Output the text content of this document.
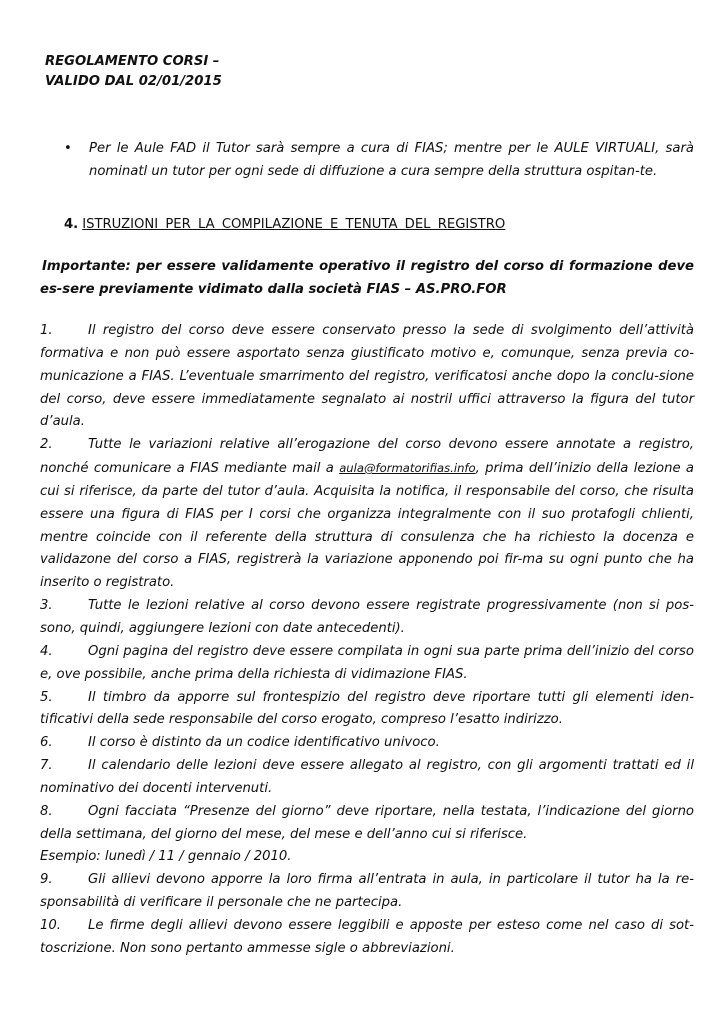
REGOLAMENTO CORSI –
VALIDO DAL 02/01/2015
• Per le Aule FAD il Tutor sarà sempre a cura di FIAS; mentre per le AULE VIRTUALI, sarà nominatl un tutor per ogni sede di diffuzione a cura sempre della struttura ospitan-te.

4. ISTRUZIONI PER LA COMPILAZIONE E TENUTA DEL REGISTRO

Importante: per essere validamente operativo il registro del corso di formazione deve es-sere previamente vidimato dalla società FIAS – AS.PRO.FOR

1.	Il registro del corso deve essere conservato presso la sede di svolgimento dell’attività formativa e non può essere asportato senza giustificato motivo e, comunque, senza previa co-municazione a FIAS. L’eventuale smarrimento del registro, verificatosi anche dopo la conclu-sione del corso, deve essere immediatamente segnalato ai nostril uffici attraverso la figura del tutor d’aula.

2.	Tutte le variazioni relative all’erogazione del corso devono essere annotate a registro, nonché comunicare a FIAS mediante mail a aula@formatorifias.info, prima dell’inizio della lezione a cui si riferisce, da parte del tutor d’aula. Acquisita la notifica, il responsabile del corso, che risulta essere una figura di FIAS per I corsi che organizza integralmente con il suo protafogli chlienti, mentre coincide con il referente della struttura di consulenza che ha richiesto la docenza e validazone del corso a FIAS, registrerà la variazione apponendo poi fir-ma su ogni punto che ha inserito o registrato.

3.	Tutte le lezioni relative al corso devono essere registrate progressivamente (non si pos-sono, quindi, aggiungere lezioni con date antecedenti).

4.	Ogni pagina del registro deve essere compilata in ogni sua parte prima dell’inizio del corso e, ove possibile, anche prima della richiesta di vidimazione FIAS.

5.	Il timbro da apporre sul frontespizio del registro deve riportare tutti gli elementi iden-tificativi della sede responsabile del corso erogato, compreso l’esatto indirizzo.

6.	Il corso è distinto da un codice identificativo univoco.

7.	Il calendario delle lezioni deve essere allegato al registro, con gli argomenti trattati ed il nominativo dei docenti intervenuti.

8.	Ogni facciata “Presenze del giorno” deve riportare, nella testata, l’indicazione del giorno della settimana, del giorno del mese, del mese e dell’anno cui si riferisce.

Esempio: lunedì / 11 / gennaio / 2010.

9.	Gli allievi devono apporre la loro firma all’entrata in aula, in particolare il tutor ha la re-sponsabilità di verificare il personale che ne partecipa.

10. Le firme degli allievi devono essere leggibili e apposte per esteso come nel caso di sot-toscrizione. Non sono pertanto ammesse sigle o abbreviazioni.
